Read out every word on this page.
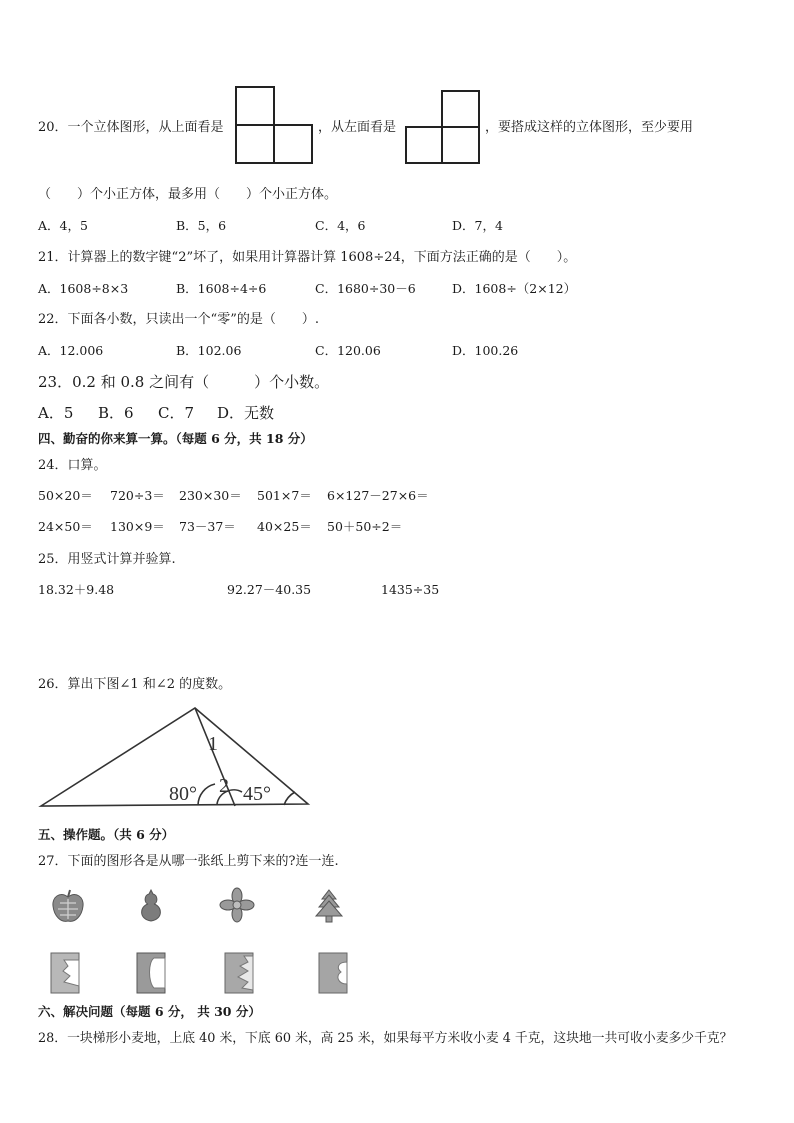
20．一个立体图形，从上面看是	，从左面看是	，要搭成这样的立体图形，至少要用
（　　）个小正方体，最多用（　　）个小正方体。
A．4，5	B．5，6	C．4，6	D．7，4
21．计算器上的数字键“2”坏了，如果用计算器计算 1608÷24，下面方法正确的是（　　）。
A．1608÷8×3	B．1608÷4÷6	C．1680÷30－6	D．1608÷（2×12）
22．下面各小数，只读出一个“零”的是（　　）.
A．12.006	B．102.06	C．120.06	D．100.26
23．0.2 和 0.8 之间有（　　　）个小数。
A．5 B．6 C．7 D．无数
四、勤奋的你来算一算。（每题 6 分，共 18 分）
24．口算。
50×20＝ 720÷3＝ 230×30＝ 501×7＝ 6×127－27×6＝
24×50＝ 130×9＝ 73－37＝ 40×25＝ 50＋50÷2＝
25．用竖式计算并验算.
18.32＋9.48	92.27－40.35	1435÷35
26．算出下图∠1 和∠2 的度数。
1
2
80° 45°
五、操作题。（共 6 分）
27．下面的图形各是从哪一张纸上剪下来的?连一连.
六、解决问题（每题 6 分， 共 30 分）
28．一块梯形小麦地，上底 40 米，下底 60 米，高 25 米，如果每平方米收小麦 4 千克，这块地一共可收小麦多少千克？
